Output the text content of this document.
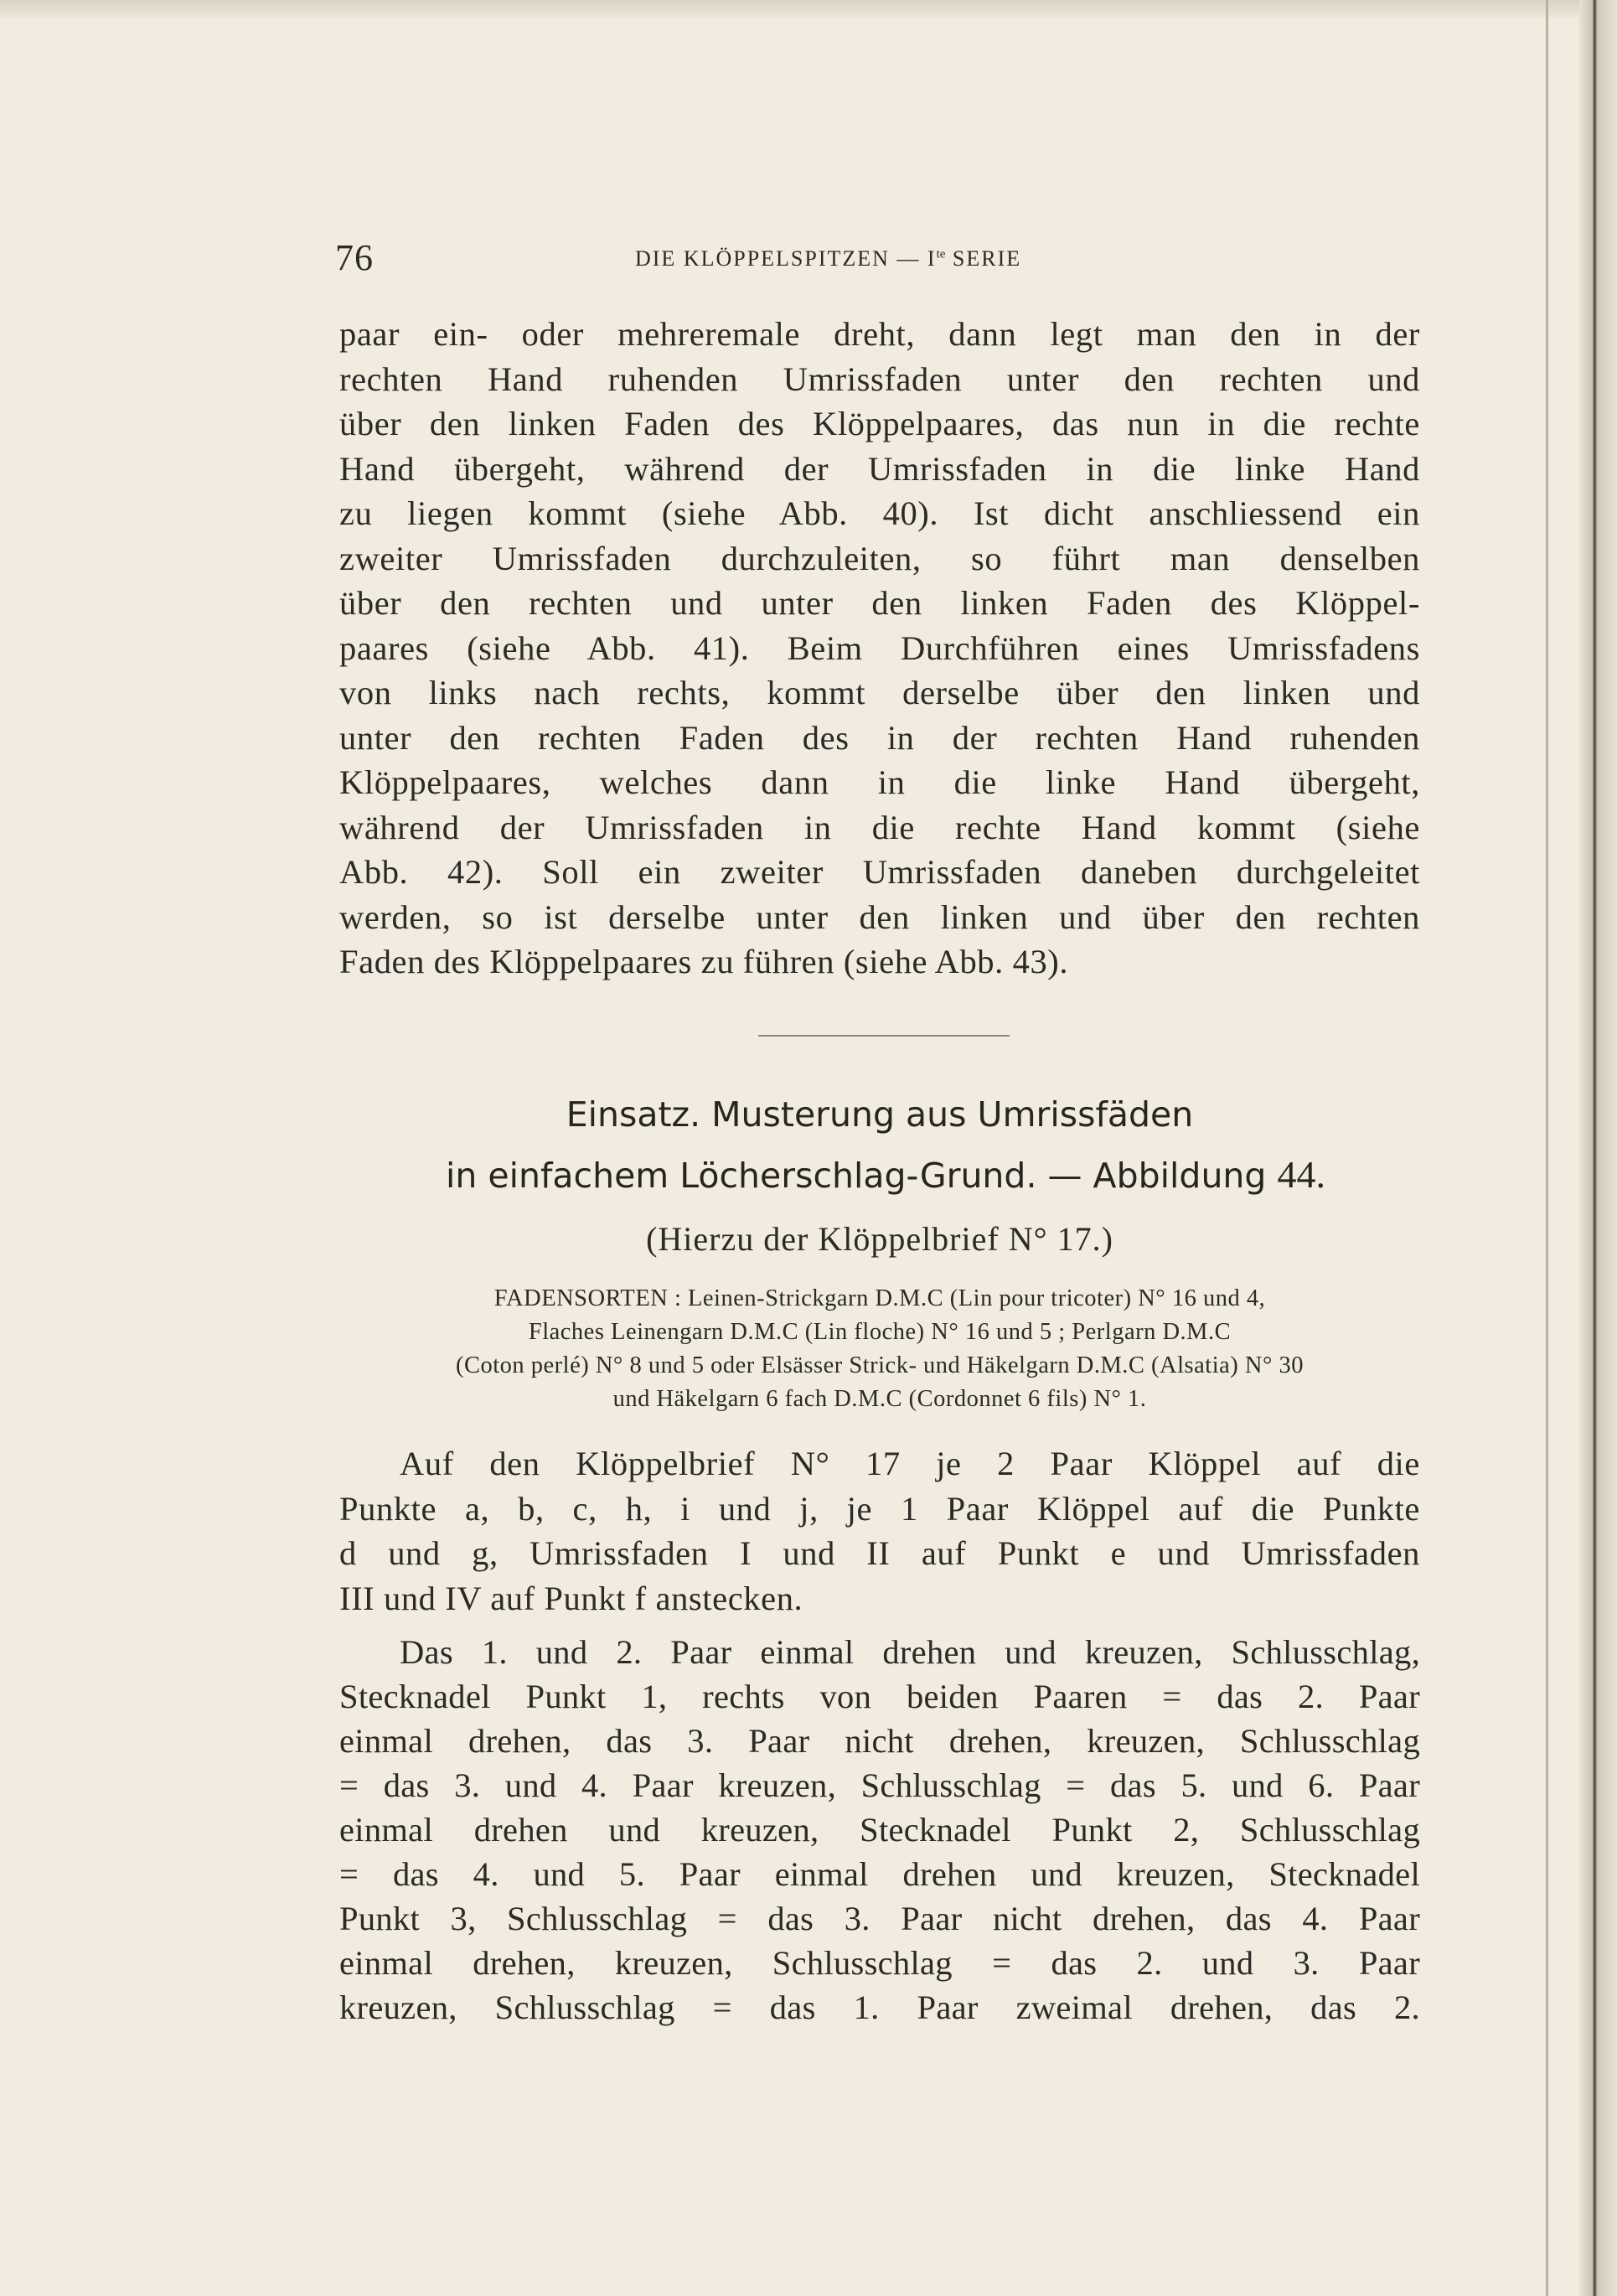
76	DIE KLÖPPELSPITZEN — $I^{te}$ SERIE
paar ein- oder mehreremale dreht, dann legt man den in der
rechten Hand ruhenden Umrissfaden unter den rechten und
über den linken Faden des Klöppelpaares, das nun in die rechte
Hand übergeht, während der Umrissfaden in die linke Hand
zu liegen kommt (siehe Abb. 40). Ist dicht anschliessend ein
zweiter Umrissfaden durchzuleiten, so führt man denselben
über den rechten und unter den linken Faden des Klöppel-
paares (siehe Abb. 41). Beim Durchführen eines Umrissfadens
von links nach rechts, kommt derselbe über den linken und
unter den rechten Faden des in der rechten Hand ruhenden
Klöppelpaares, welches dann in die linke Hand übergeht,
während der Umrissfaden in die rechte Hand kommt (siehe
Abb. 42). Soll ein zweiter Umrissfaden daneben durchgeleitet
werden, so ist derselbe unter den linken und über den rechten
Faden des Klöppelpaares zu führen (siehe Abb. 43).
Einsatz. Musterung aus Umrissfäden
in einfachem Löcherschlag-Grund. — Abbildung 44.
(Hierzu der Klöppelbrief N° 17.)

FADENSORTEN : Leinen-Strickgarn D.M.C (Lin pour tricoter) N° 16 und 4,

Flaches Leinengarn D.M.C (Lin floche) N° 16 und 5 ; Perlgarn D.M.C

(Coton perlé) N° 8 und 5 oder Elsässer Strick- und Häkelgarn D.M.C (Alsatia) N° 30

und Häkelgarn 6 fach D.M.C (Cordonnet 6 fils) N° 1.

Auf den Klöppelbrief N° 17 je 2 Paar Klöppel auf die
Punkte a, b, c, h, i und j, je 1 Paar Klöppel auf die Punkte
d und g, Umrissfaden I und II auf Punkt e und Umrissfaden
III und IV auf Punkt f anstecken.
Das 1. und 2. Paar einmal drehen und kreuzen, Schlusschlag,
Stecknadel Punkt 1, rechts von beiden Paaren = das 2. Paar
einmal drehen, das 3. Paar nicht drehen, kreuzen, Schlusschlag
= das 3. und 4. Paar kreuzen, Schlusschlag = das 5. und 6. Paar
einmal drehen und kreuzen, Stecknadel Punkt 2, Schlusschlag
= das 4. und 5. Paar einmal drehen und kreuzen, Stecknadel
Punkt 3, Schlusschlag = das 3. Paar nicht drehen, das 4. Paar
einmal drehen, kreuzen, Schlusschlag = das 2. und 3. Paar
kreuzen, Schlusschlag = das 1. Paar zweimal drehen, das 2.
